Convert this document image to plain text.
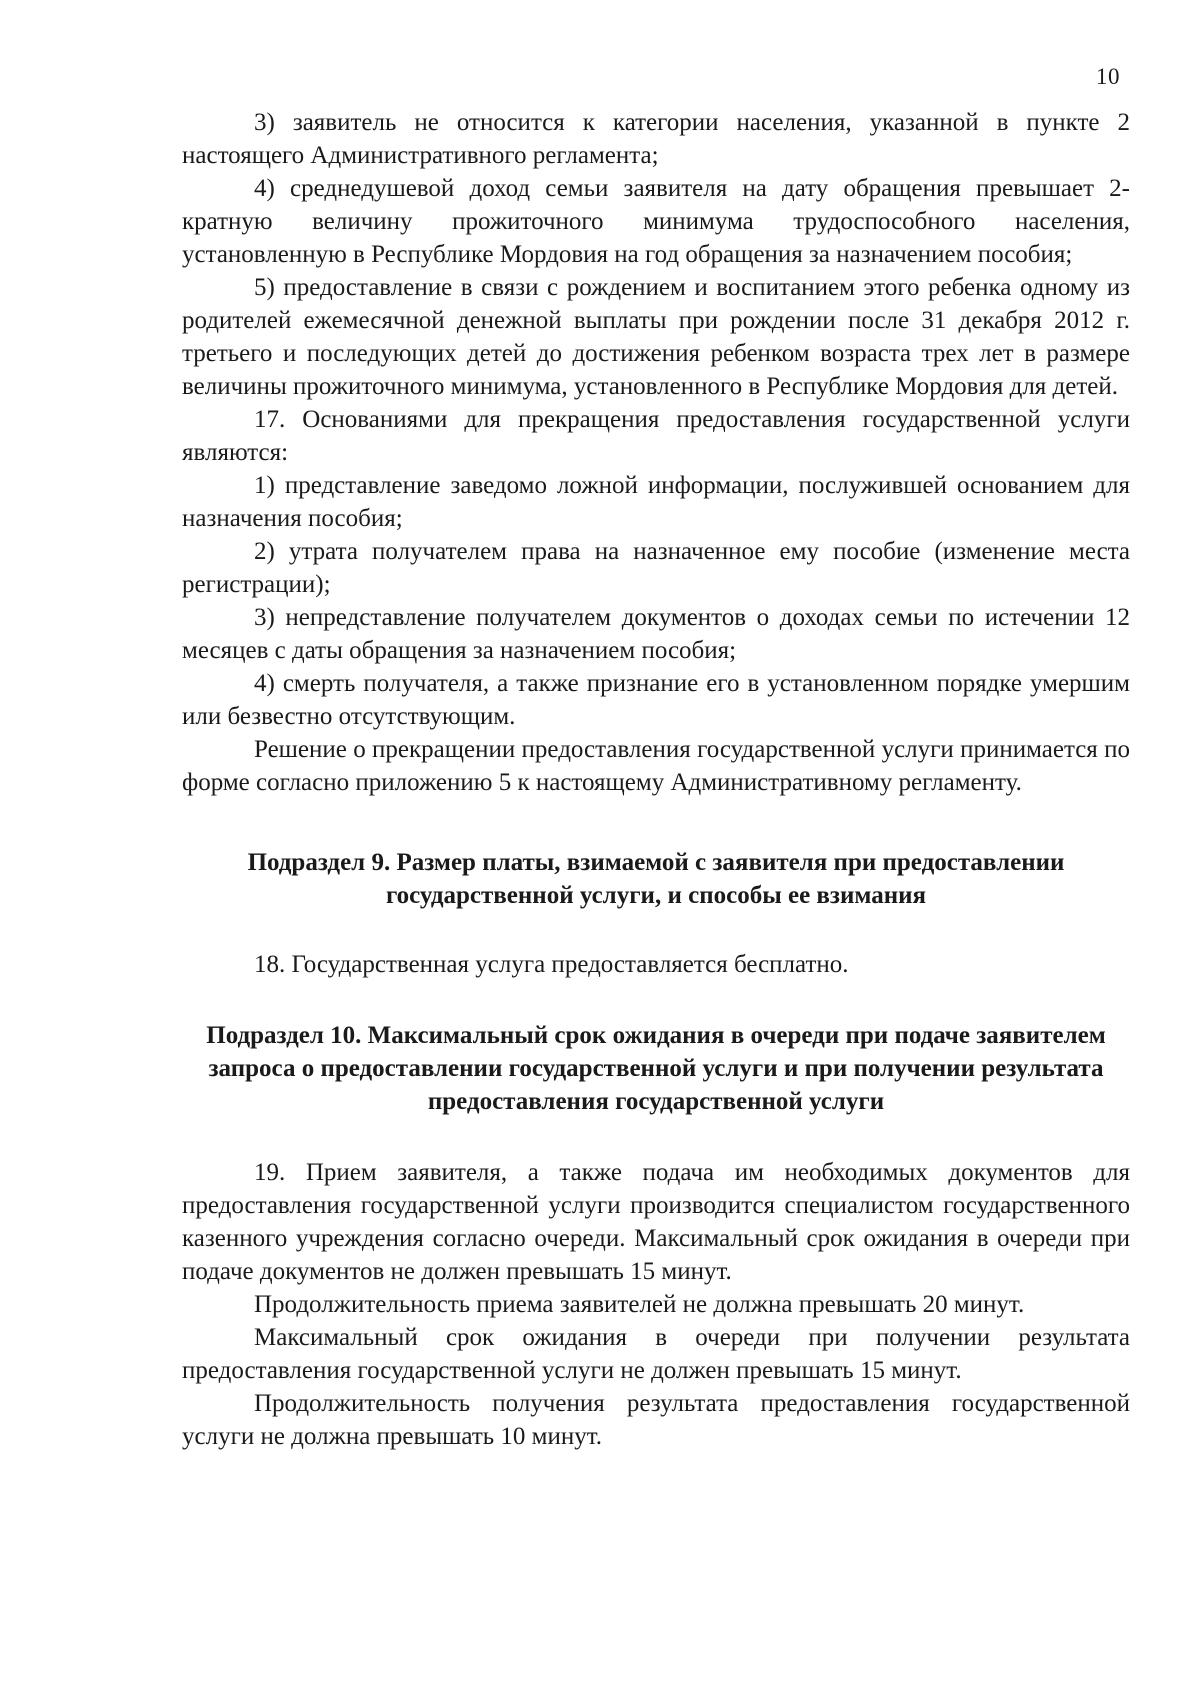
10

3) заявитель не относится к категории населения, указанной в пункте 2 настоящего Административного регламента;

4) среднедушевой доход семьи заявителя на дату обращения превышает 2-кратную величину прожиточного минимума трудоспособного населения, установленную в Республике Мордовия на год обращения за назначением пособия;

5) предоставление в связи с рождением и воспитанием этого ребенка одному из родителей ежемесячной денежной выплаты при рождении после 31 декабря 2012 г. третьего и последующих детей до достижения ребенком возраста трех лет в размере величины прожиточного минимума, установленного в Республике Мордовия для детей.

17. Основаниями для прекращения предоставления государственной услуги являются:

1) представление заведомо ложной информации, послужившей основанием для назначения пособия;

2) утрата получателем права на назначенное ему пособие (изменение места регистрации);

3) непредставление получателем документов о доходах семьи по истечении 12 месяцев с даты обращения за назначением пособия;

4) смерть получателя, а также признание его в установленном порядке умершим или безвестно отсутствующим.

Решение о прекращении предоставления государственной услуги принимается по форме согласно приложению 5 к настоящему Административному регламенту.

Подраздел 9. Размер платы, взимаемой с заявителя при предоставлении государственной услуги, и способы ее взимания

18. Государственная услуга предоставляется бесплатно.

Подраздел 10. Максимальный срок ожидания в очереди при подаче заявителем запроса о предоставлении государственной услуги и при получении результата предоставления государственной услуги

19. Прием заявителя, а также подача им необходимых документов для предоставления государственной услуги производится специалистом государственного казенного учреждения согласно очереди. Максимальный срок ожидания в очереди при подаче документов не должен превышать 15 минут.

Продолжительность приема заявителей не должна превышать 20 минут.

Максимальный срок ожидания в очереди при получении результата предоставления государственной услуги не должен превышать 15 минут.

Продолжительность получения результата предоставления государственной услуги не должна превышать 10 минут.
